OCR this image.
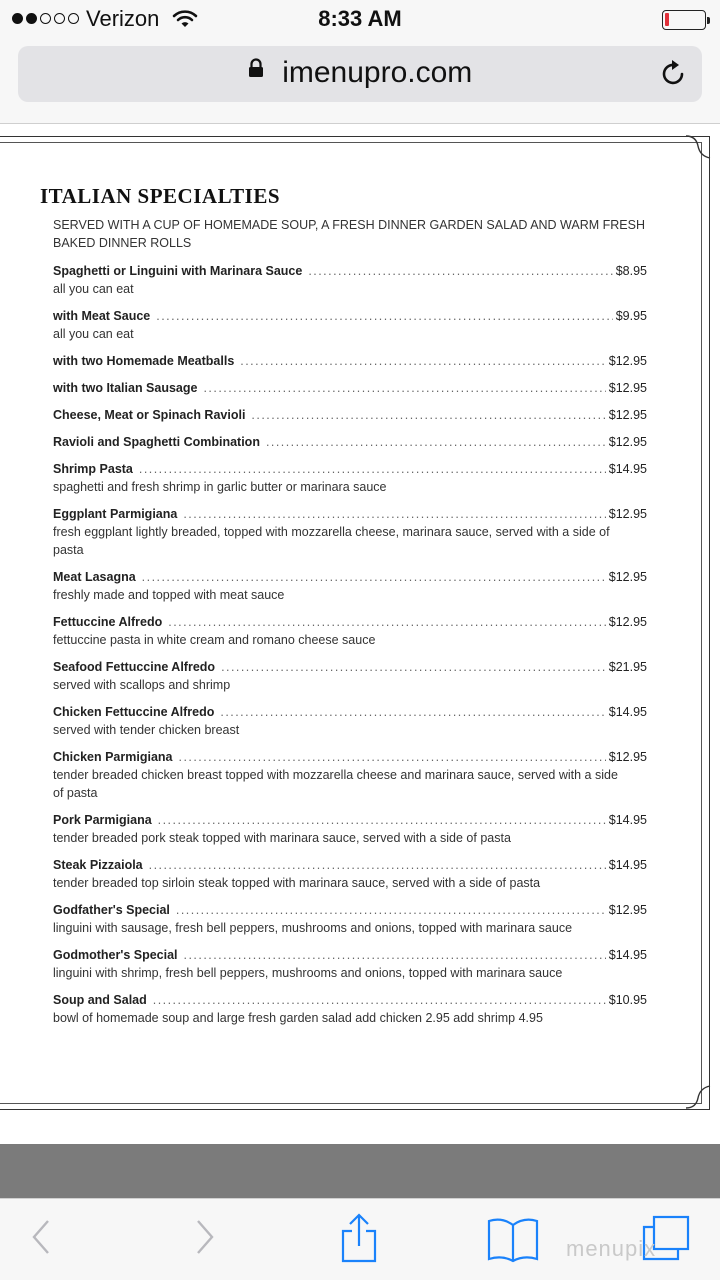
Verizon	8:33 AM
imenupro.com
ITALIAN SPECIALTIES
SERVED WITH A CUP OF HOMEMADE SOUP, A FRESH DINNER GARDEN SALAD AND WARM FRESH BAKED DINNER ROLLS
Spaghetti or Linguini with Marinara Sauce . . .	$8.95
all you can eat
with Meat Sauce . . .	$9.95
all you can eat
with two Homemade Meatballs . . .	$12.95
with two Italian Sausage . . .	$12.95
Cheese, Meat or Spinach Ravioli . . .	$12.95
Ravioli and Spaghetti Combination . . .	$12.95
Shrimp Pasta . . .	$14.95
spaghetti and fresh shrimp in garlic butter or marinara sauce
Eggplant Parmigiana . . .	$12.95
fresh eggplant lightly breaded, topped with mozzarella cheese, marinara sauce, served with a side of pasta
Meat Lasagna . . .	$12.95
freshly made and topped with meat sauce
Fettuccine Alfredo . . .	$12.95
fettuccine pasta in white cream and romano cheese sauce
Seafood Fettuccine Alfredo . . .	$21.95
served with scallops and shrimp
Chicken Fettuccine Alfredo . . .	$14.95
served with tender chicken breast
Chicken Parmigiana . . .	$12.95
tender breaded chicken breast topped with mozzarella cheese and marinara sauce, served with a side of pasta
Pork Parmigiana . . .	$14.95
tender breaded pork steak topped with marinara sauce, served with a side of pasta
Steak Pizzaiola . . .	$14.95
tender breaded top sirloin steak topped with marinara sauce, served with a side of pasta
Godfather's Special . . .	$12.95
linguini with sausage, fresh bell peppers, mushrooms and onions, topped with marinara sauce
Godmother's Special . . .	$14.95
linguini with shrimp, fresh bell peppers, mushrooms and onions, topped with marinara sauce
Soup and Salad . . .	$10.95
bowl of homemade soup and large fresh garden salad add chicken 2.95 add shrimp 4.95
menupix
